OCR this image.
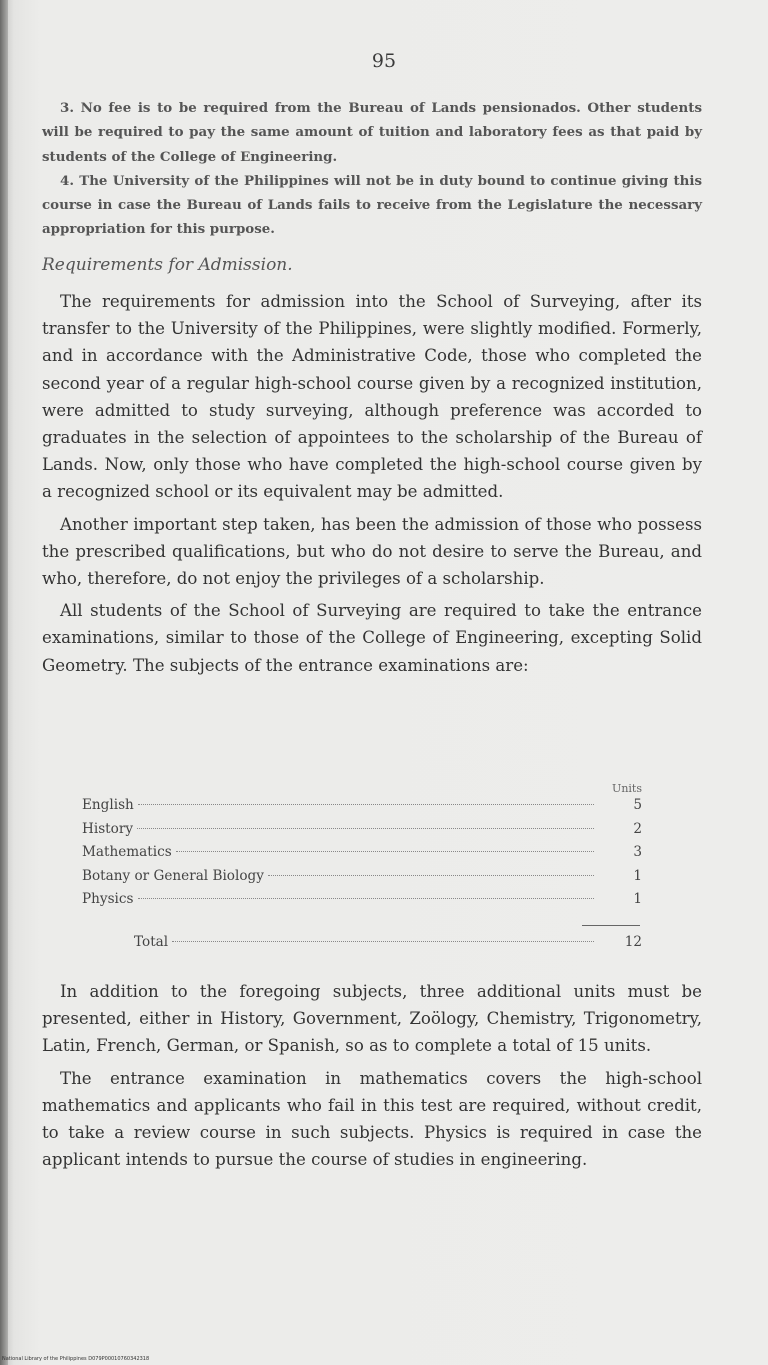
95

3. No fee is to be required from the Bureau of Lands pensionados. Other students will be required to pay the same amount of tuition and laboratory fees as that paid by students of the College of Engineering.

4. The University of the Philippines will not be in duty bound to continue giving this course in case the Bureau of Lands fails to receive from the Legislature the necessary appropriation for this purpose.

Requirements for Admission.

The requirements for admission into the School of Surveying, after its transfer to the University of the Philippines, were slightly modified. Formerly, and in accordance with the Administrative Code, those who completed the second year of a regular high-school course given by a recognized institution, were admitted to study surveying, although preference was accorded to graduates in the selection of appointees to the scholarship of the Bureau of Lands. Now, only those who have completed the high-school course given by a recognized school or its equivalent may be admitted.

Another important step taken, has been the admission of those who possess the prescribed qualifications, but who do not desire to serve the Bureau, and who, therefore, do not enjoy the privileges of a scholarship.

All students of the School of Surveying are required to take the entrance examinations, similar to those of the College of Engineering, excepting Solid Geometry. The subjects of the entrance examinations are:

Units
English	5
History	2
Mathematics	3
Botany or General Biology	1
Physics	1
Total	12

In addition to the foregoing subjects, three additional units must be presented, either in History, Government, Zoölogy, Chemistry, Trigonometry, Latin, French, German, or Spanish, so as to complete a total of 15 units.

The entrance examination in mathematics covers the high-school mathematics and applicants who fail in this test are required, without credit, to take a review course in such subjects. Physics is required in case the applicant intends to pursue the course of studies in engineering.

National Library of the Philippines D079P00010760342318
